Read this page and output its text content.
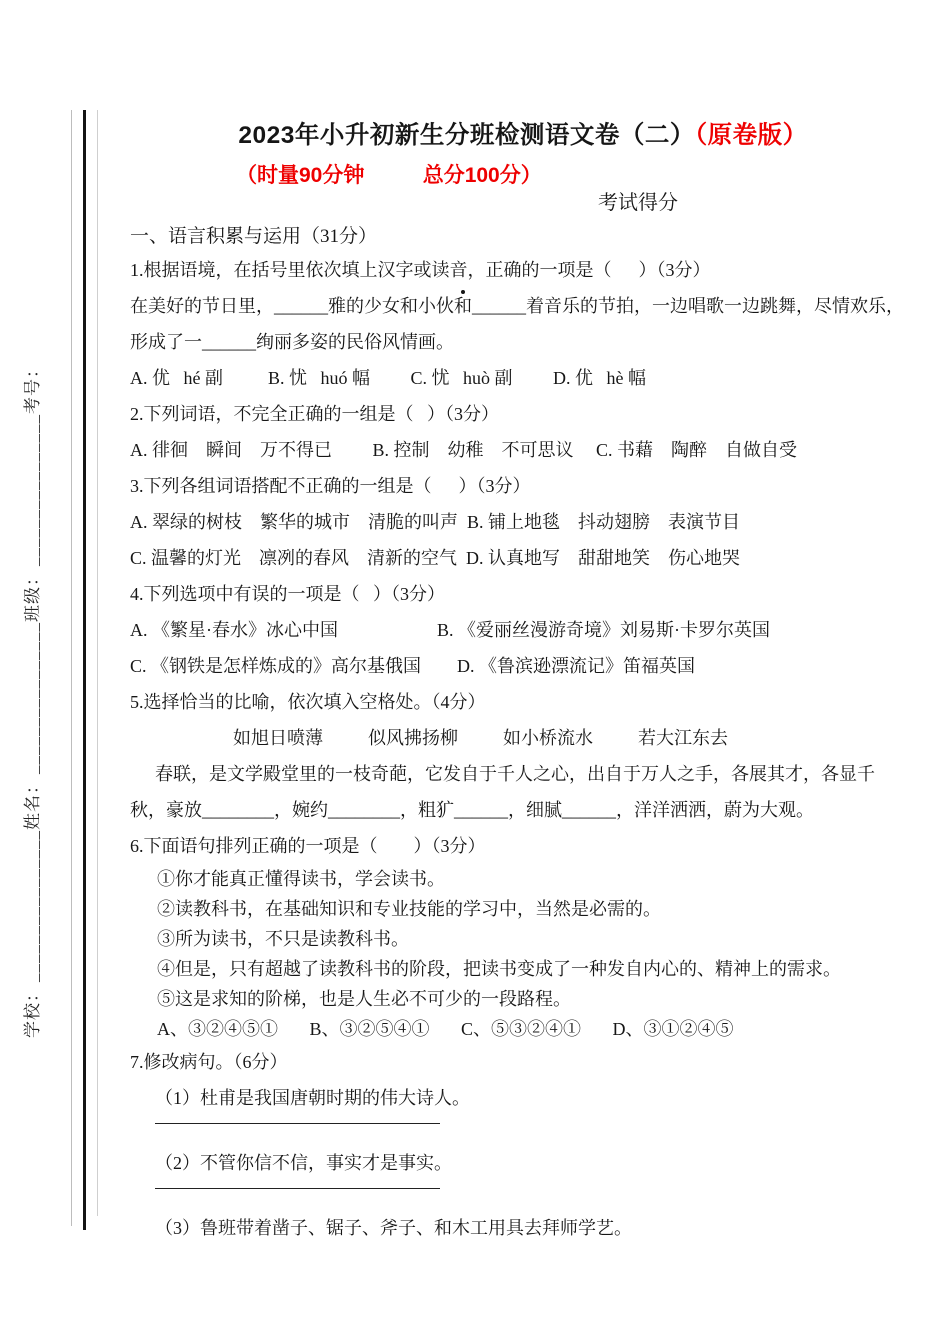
________________考号：
________________班级：
________________姓名：
学校：
2023年小升初新生分班检测语文卷（二）（原卷版）
（时量90分钟          总分100分）
考试得分
一、语言积累与运用（31分）

1.根据语境，在括号里依次填上汉字或读音，正确的一项是（      ）（3分）

在美好的节日里，______雅的少女和小伙和______着音乐的节拍，一边唱歌一边跳舞，尽情欢乐，

形成了一______绚丽多姿的民俗风情画。

A. 优   hé 副          B. 忧   huó 幅         C. 忧   huò 副         D. 优   hè 幅

2.下列词语，不完全正确的一组是（   ）（3分）

A. 徘徊    瞬间    万不得已         B. 控制    幼稚    不可思议     C. 书藉    陶醉    自做自受

3.下列各组词语搭配不正确的一组是（      ）（3分）

A. 翠绿的树枝    繁华的城市    清脆的叫声  B. 铺上地毯    抖动翅膀    表演节目

C. 温馨的灯光    凛冽的春风    清新的空气  D. 认真地写    甜甜地笑    伤心地哭

4.下列选项中有误的一项是（   ）（3分）

A. 《繁星·春水》冰心中国                      B. 《爱丽丝漫游奇境》刘易斯·卡罗尔英国

C. 《钢铁是怎样炼成的》高尔基俄国        D. 《鲁滨逊漂流记》笛福英国

5.选择恰当的比喻，依次填入空格处。（4分）

如旭日喷薄          似风拂扬柳          如小桥流水          若大江东去

春联，是文学殿堂里的一枝奇葩，它发自于千人之心，出自于万人之手，各展其才，各显千

秋，豪放________，婉约________，粗犷______，细腻______，洋洋洒洒，蔚为大观。

6.下面语句排列正确的一项是（        ）（3分）

①你才能真正懂得读书，学会读书。

②读教科书，在基础知识和专业技能的学习中，当然是必需的。

③所为读书，不只是读教科书。

④但是，只有超越了读教科书的阶段，把读书变成了一种发自内心的、精神上的需求。

⑤这是求知的阶梯，也是人生必不可少的一段路程。

A、③②④⑤①       B、③②⑤④①       C、⑤③②④①       D、③①②④⑤

7.修改病句。（6分）

（1）杜甫是我国唐朝时期的伟大诗人。

（2）不管你信不信，事实才是事实。

（3）鲁班带着凿子、锯子、斧子、和木工用具去拜师学艺。
